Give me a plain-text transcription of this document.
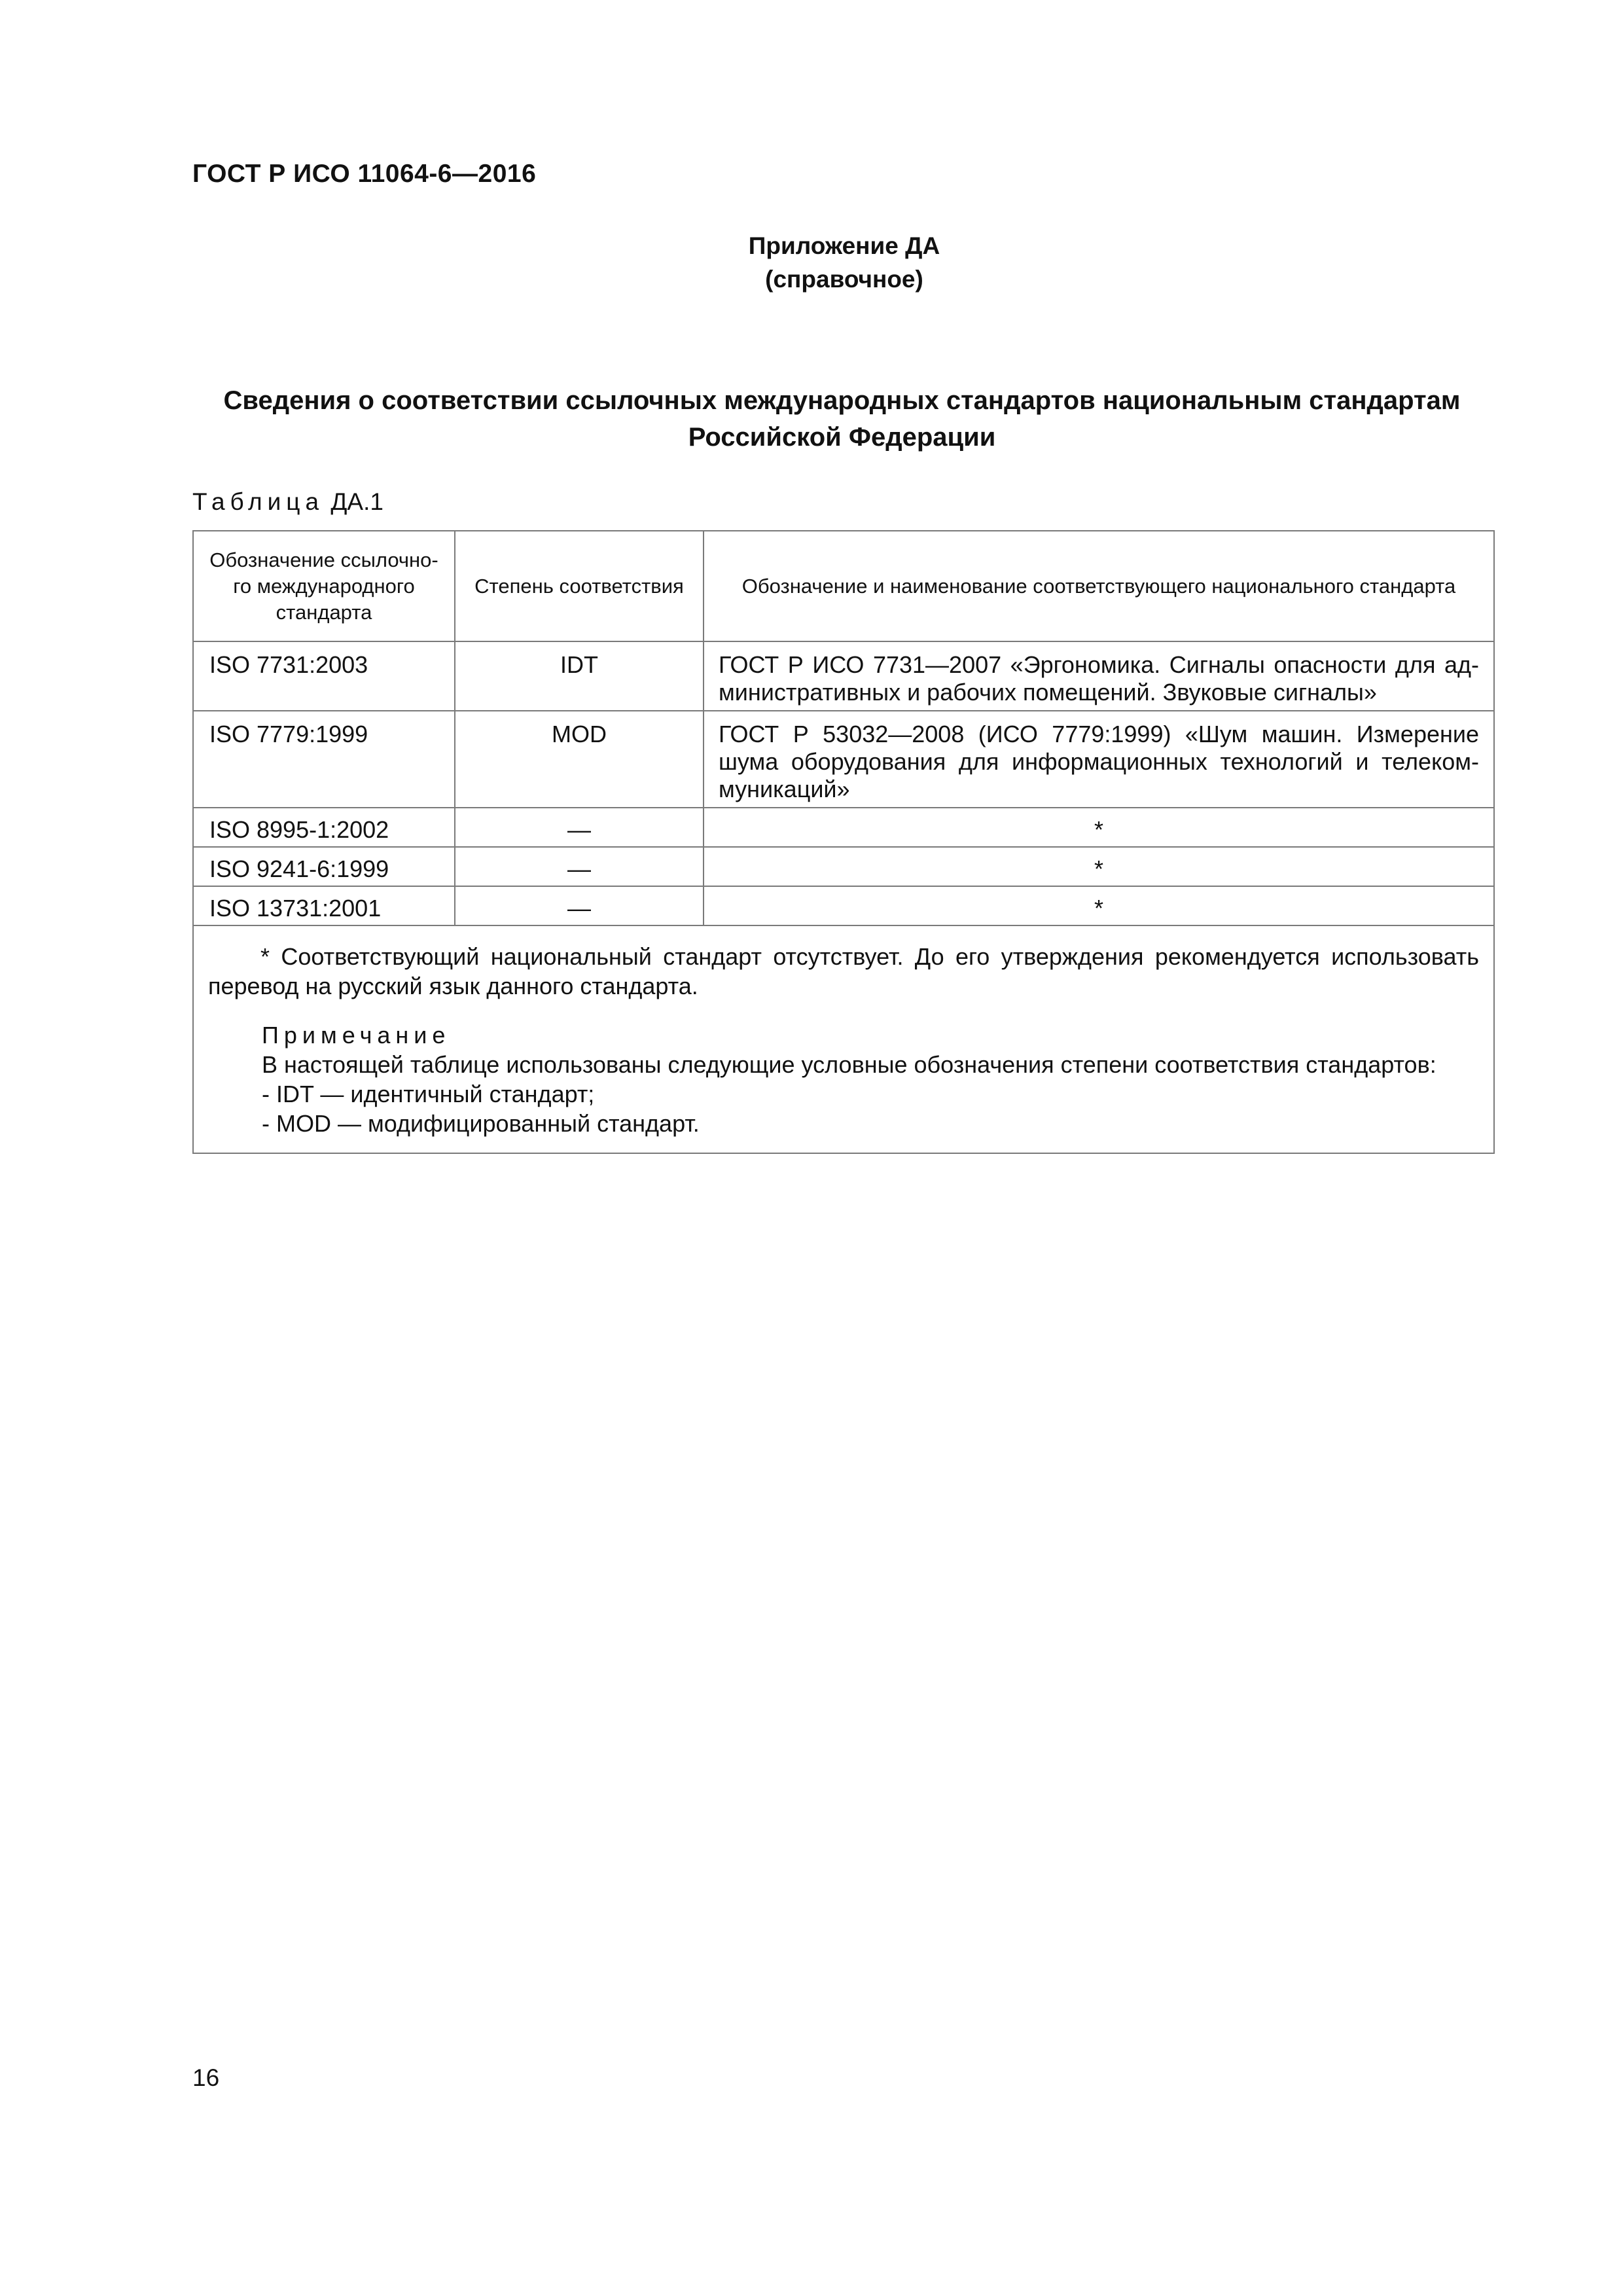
ГОСТ Р ИСО 11064-6—2016
Приложение ДА
(справочное)
Сведения о соответствии ссылочных международных стандартов национальным стандартам
Российской Федерации
Таблица ДА.1
Обозначение ссылочно-го международного стандарта	Степень соответствия	Обозначение и наименование соответствующего национального стандарта
ISO 7731:2003	IDT	ГОСТ Р ИСО 7731—2007 «Эргономика. Сигналы опасности для ад-министративных и рабочих помещений. Звуковые сигналы»
ISO 7779:1999	MOD	ГОСТ Р 53032—2008 (ИСО 7779:1999) «Шум машин. Измерение шума оборудования для информационных технологий и телеком-муникаций»
ISO 8995-1:2002	—	*
ISO 9241-6:1999	—	*
ISO 13731:2001	—	*

* Соответствующий национальный стандарт отсутствует. До его утверждения рекомендуется использовать перевод на русский язык данного стандарта.
Примечание
В настоящей таблице использованы следующие условные обозначения степени соответствия стандартов:
- IDT — идентичный стандарт;
- MOD — модифицированный стандарт.		
16
